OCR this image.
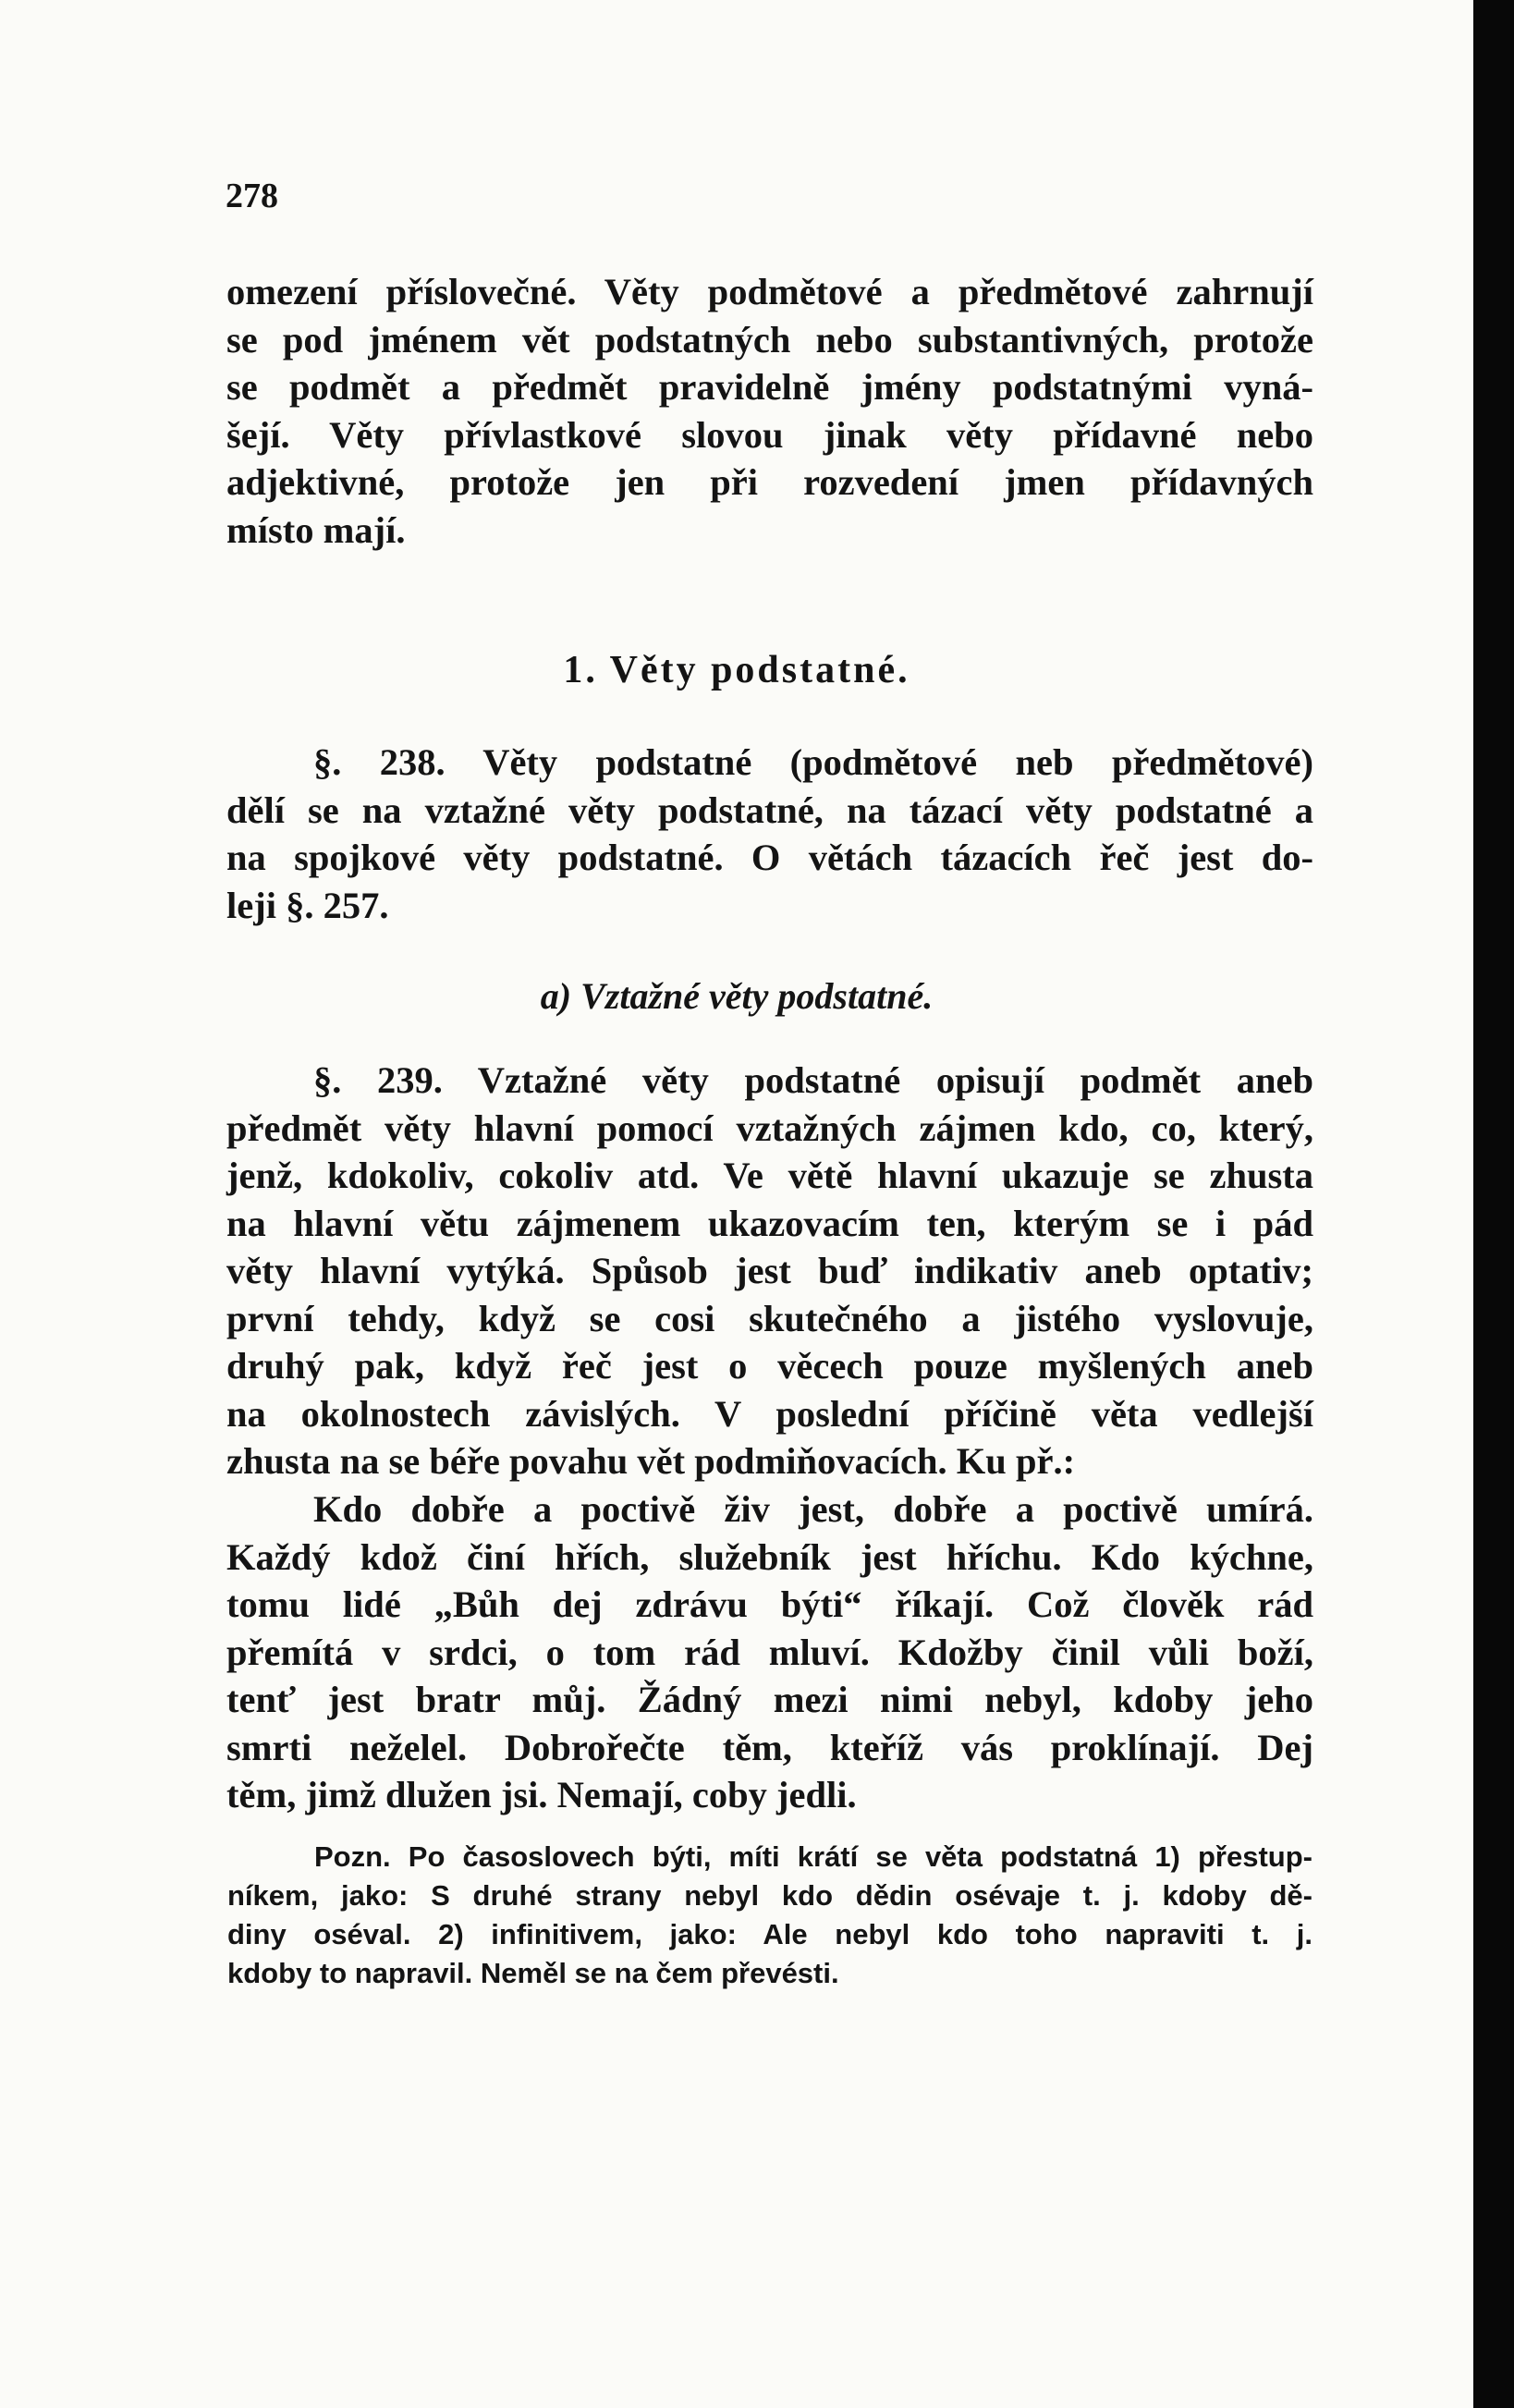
278
omezení příslovečné. Věty podmětové a předmětové zahrnují
se pod jménem vět podstatných nebo substantivných, protože
se podmět a předmět pravidelně jmény podstatnými vyná-
šejí. Věty přívlastkové slovou jinak věty přídavné nebo
adjektivné, protože jen při rozvedení jmen přídavných
místo mají.
1. Věty podstatné.
§. 238. Věty podstatné (podmětové neb předmětové)
dělí se na vztažné věty podstatné, na tázací věty podstatné a
na spojkové věty podstatné. O větách tázacích řeč jest do-
leji §. 257.
a) Vztažné věty podstatné.
§. 239. Vztažné věty podstatné opisují podmět aneb
předmět věty hlavní pomocí vztažných zájmen kdo, co, který,
jenž, kdokoliv, cokoliv atd. Ve větě hlavní ukazuje se zhusta
na hlavní větu zájmenem ukazovacím ten, kterým se i pád
věty hlavní vytýká. Spůsob jest buď indikativ aneb optativ;
první tehdy, když se cosi skutečného a jistého vyslovuje,
druhý pak, když řeč jest o věcech pouze myšlených aneb
na okolnostech závislých. V poslední příčině věta vedlejší
zhusta na se béře povahu vět podmiňovacích. Ku př.:
Kdo dobře a poctivě živ jest, dobře a poctivě umírá.
Každý kdož činí hřích, služebník jest hříchu. Kdo kýchne,
tomu lidé „Bůh dej zdrávu býti“ říkají. Což člověk rád
přemítá v srdci, o tom rád mluví. Kdožby činil vůli boží,
tenť jest bratr můj. Žádný mezi nimi nebyl, kdoby jeho
smrti neželel. Dobrořečte těm, kteříž vás proklínají. Dej
těm, jimž dlužen jsi. Nemají, coby jedli.
Pozn. Po časoslovech býti, míti krátí se věta podstatná 1) přestup-
níkem, jako: S druhé strany nebyl kdo dědin osévaje t. j. kdoby dě-
diny oséval. 2) infinitivem, jako: Ale nebyl kdo toho napraviti t. j.
kdoby to napravil. Neměl se na čem převésti.
